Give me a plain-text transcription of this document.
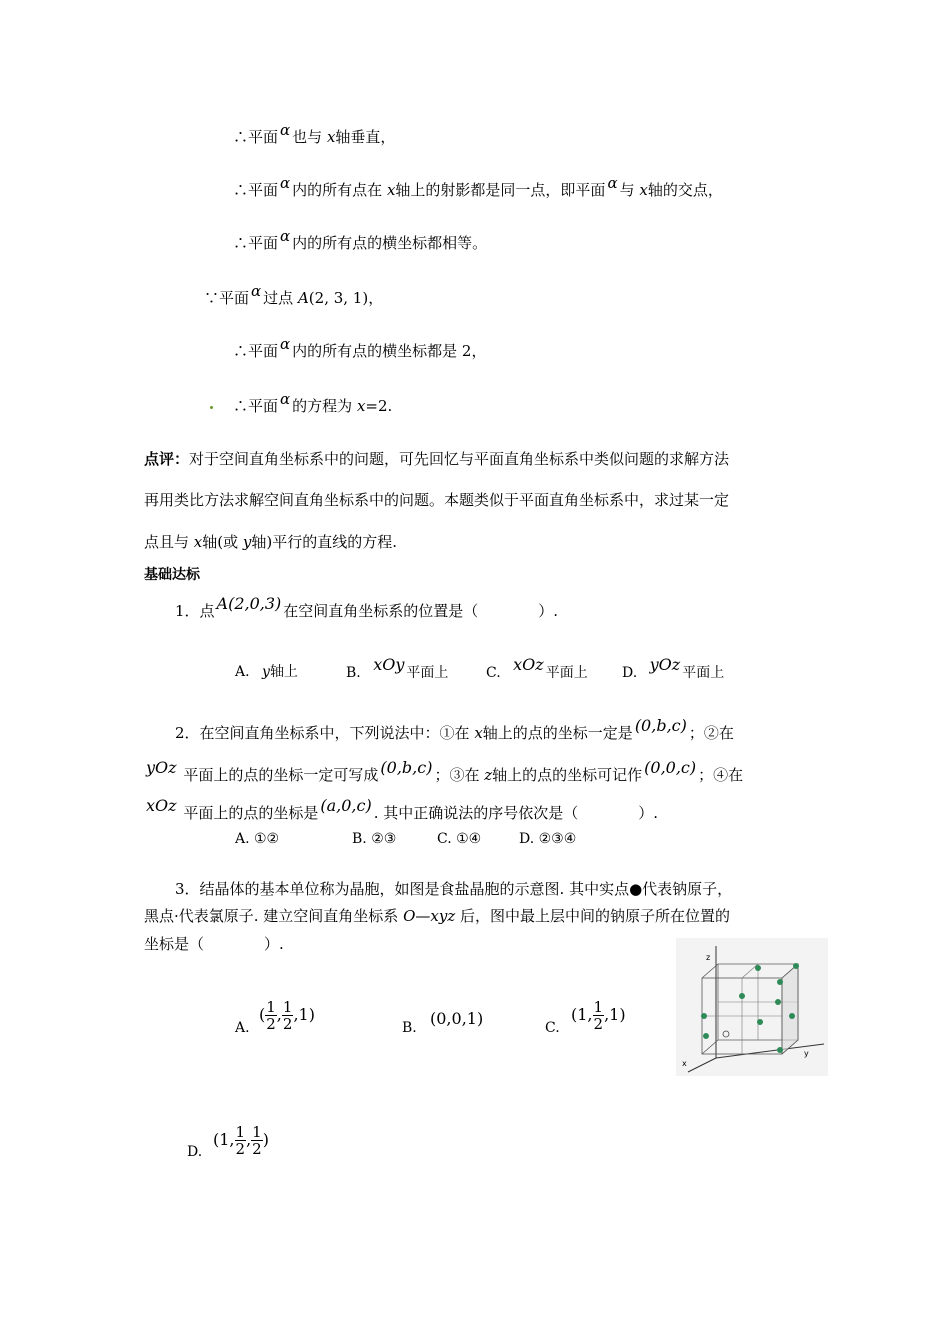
∴平面 α 也与 x轴垂直，
∴平面 α 内的所有点在 x轴上的射影都是同一点，即平面 α 与 x轴的交点，
∴平面 α 内的所有点的横坐标都相等。
∵平面 α 过点 A(2, 3, 1)，
∴平面 α 内的所有点的横坐标都是 2，
∴平面 α 的方程为 x=2.
点评：对于空间直角坐标系中的问题，可先回忆与平面直角坐标系中类似问题的求解方法
再用类比方法求解空间直角坐标系中的问题。本题类似于平面直角坐标系中，求过某一定
点且与 x轴(或 y轴)平行的直线的方程.
基础达标
1．点 A(2,0,3) 在空间直角坐标系的位置是（　　　　）.
A. y轴上	B. xOy 平面上	C. xOz 平面上 D. yOz 平面上
2．在空间直角坐标系中，下列说法中：①在 x轴上的点的坐标一定是 (0,b,c) ；②在
yOz 平面上的点的坐标一定可写成 (0,b,c) ；③在 z轴上的点的坐标可记作 (0,0,c) ；④在
xOz 平面上的点的坐标是 (a,0,c) . 其中正确说法的序号依次是（　　　　）.
A. ①②	B. ②③	C. ①④	D. ②③④
3．结晶体的基本单位称为晶胞，如图是食盐晶胞的示意图. 其中实点●代表钠原子，
黑点·代表氯原子. 建立空间直角坐标系 O—xyz 后，图中最上层中间的钠原子所在位置的
坐标是（　　　　）.
A.
( $\frac{1}{2}$ , $\frac{1}{2} ,1$)
B. (0,0,1)	C.
(1, $\frac{1}{2} ,1$)
D.
(1, $\frac{1}{2}$ , $\frac{1}{2}$ )
z
x
y
